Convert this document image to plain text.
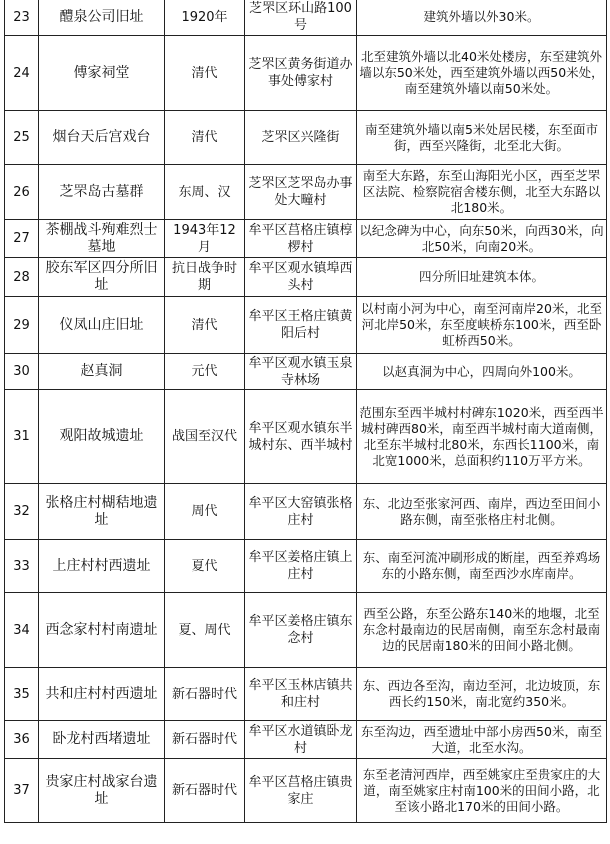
23	醴泉公司旧址	1920年	芝罘区环山路100号	建筑外墙以外30米。
24	傅家祠堂	清代	芝罘区黄务街道办事处傅家村	北至建筑外墙以北40米处楼房，东至建筑外墙以东50米处，西至建筑外墙以西50米处，南至建筑外墙以南50米处。
25	烟台天后宫戏台	清代	芝罘区兴隆街	南至建筑外墙以南5米处居民楼，东至面市街，西至兴隆街，北至北大街。
26	芝罘岛古墓群	东周、汉	芝罘区芝罘岛办事处大疃村	南至大东路，东至山海阳光小区，西至芝罘区法院、检察院宿舍楼东侧，北至大东路以北180米。
27	茶棚战斗殉难烈士墓地	1943年12月	牟平区莒格庄镇椁椤村	以纪念碑为中心，向东50米，向西30米，向北50米，向南20米。
28	胶东军区四分所旧址	抗日战争时期	牟平区观水镇埠西头村	四分所旧址建筑本体。
29	仪凤山庄旧址	清代	牟平区王格庄镇黄阳后村	以村南小河为中心，南至河南岸20米，北至河北岸50米，东至度峡桥东100米，西至卧虹桥西50米。
30	赵真洞	元代	牟平区观水镇玉泉寺林场	以赵真洞为中心，四周向外100米。
31	观阳故城遗址	战国至汉代	牟平区观水镇东半城村东、西半城村	范围东至西半城村村碑东1020米，西至西半城村碑西80米，南至西半城村南大道南侧，北至东半城村北80米，东西长1100米，南北宽1000米，总面积约110万平方米。
32	张格庄村楜秸地遗址	周代	牟平区大窑镇张格庄村	东、北边至张家河西、南岸，西边至田间小路东侧，南至张格庄村北侧。
33	上庄村村西遗址	夏代	牟平区姜格庄镇上庄村	东、南至河流冲刷形成的断崖，西至养鸡场东的小路东侧，南至西沙水库南岸。
34	西念家村村南遗址	夏、周代	牟平区姜格庄镇东念村	西至公路，东至公路东140米的地堰，北至东念村最南边的民居南侧，南至东念村最南边的民居南180米的田间小路北侧。
35	共和庄村村西遗址	新石器时代	牟平区玉林店镇共和庄村	东、西边各至沟，南边至河，北边坡顶，东西长约150米，南北宽约350米。
36	卧龙村西堵遗址	新石器时代	牟平区水道镇卧龙村	东至沟边，西至遗址中部小房西50米，南至大道，北至水沟。
37	贵家庄村战家台遗址	新石器时代	牟平区莒格庄镇贵家庄	东至老清河西岸，西至姚家庄至贵家庄的大道，南至姚家庄村南100米的田间小路，北至该小路北170米的田间小路。
